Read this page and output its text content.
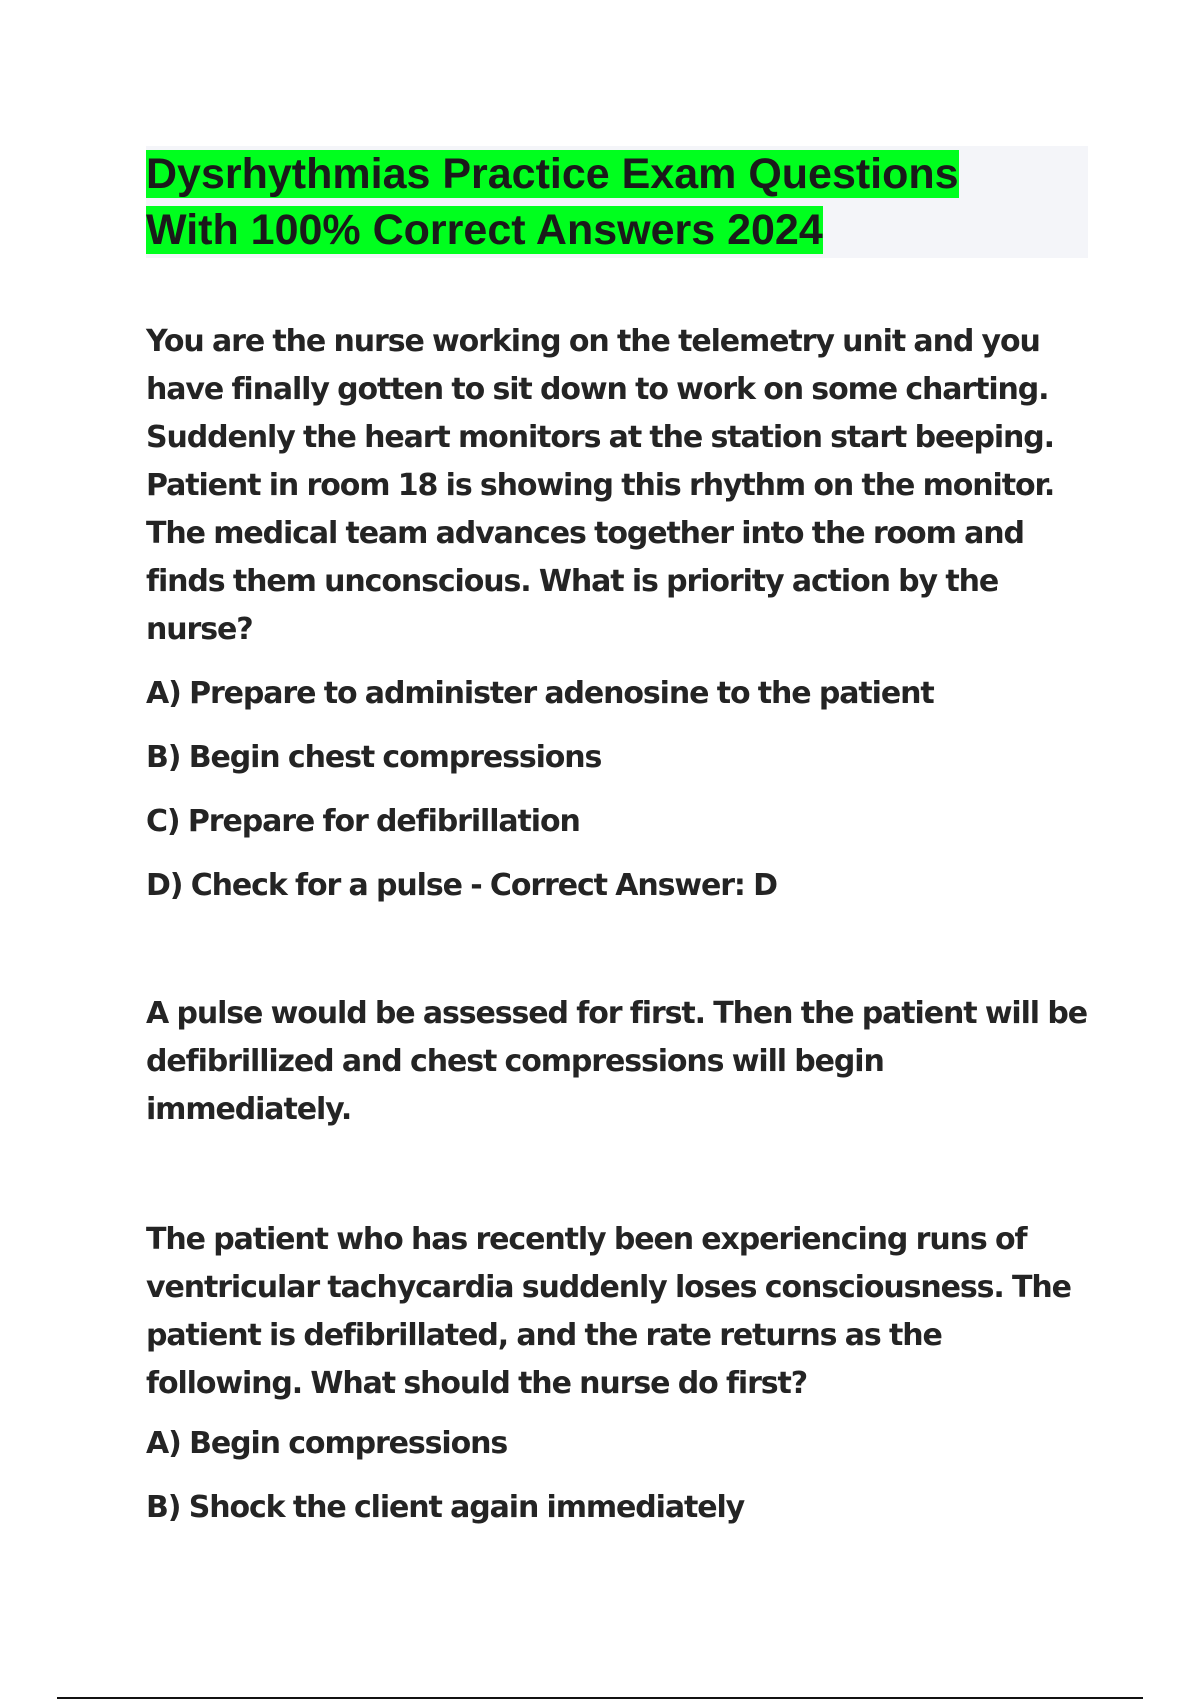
Dysrhythmias Practice Exam Questions
With 100% Correct Answers 2024

You are the nurse working on the telemetry unit and you have finally gotten to sit down to work on some charting. Suddenly the heart monitors at the station start beeping. Patient in room 18 is showing this rhythm on the monitor. The medical team advances together into the room and finds them unconscious. What is priority action by the nurse?

A) Prepare to administer adenosine to the patient

B) Begin chest compressions

C) Prepare for defibrillation

D) Check for a pulse - Correct Answer: D

A pulse would be assessed for first. Then the patient will be defibrillized and chest compressions will begin immediately.

The patient who has recently been experiencing runs of ventricular tachycardia suddenly loses consciousness. The patient is defibrillated, and the rate returns as the following. What should the nurse do first?

A) Begin compressions

B) Shock the client again immediately
